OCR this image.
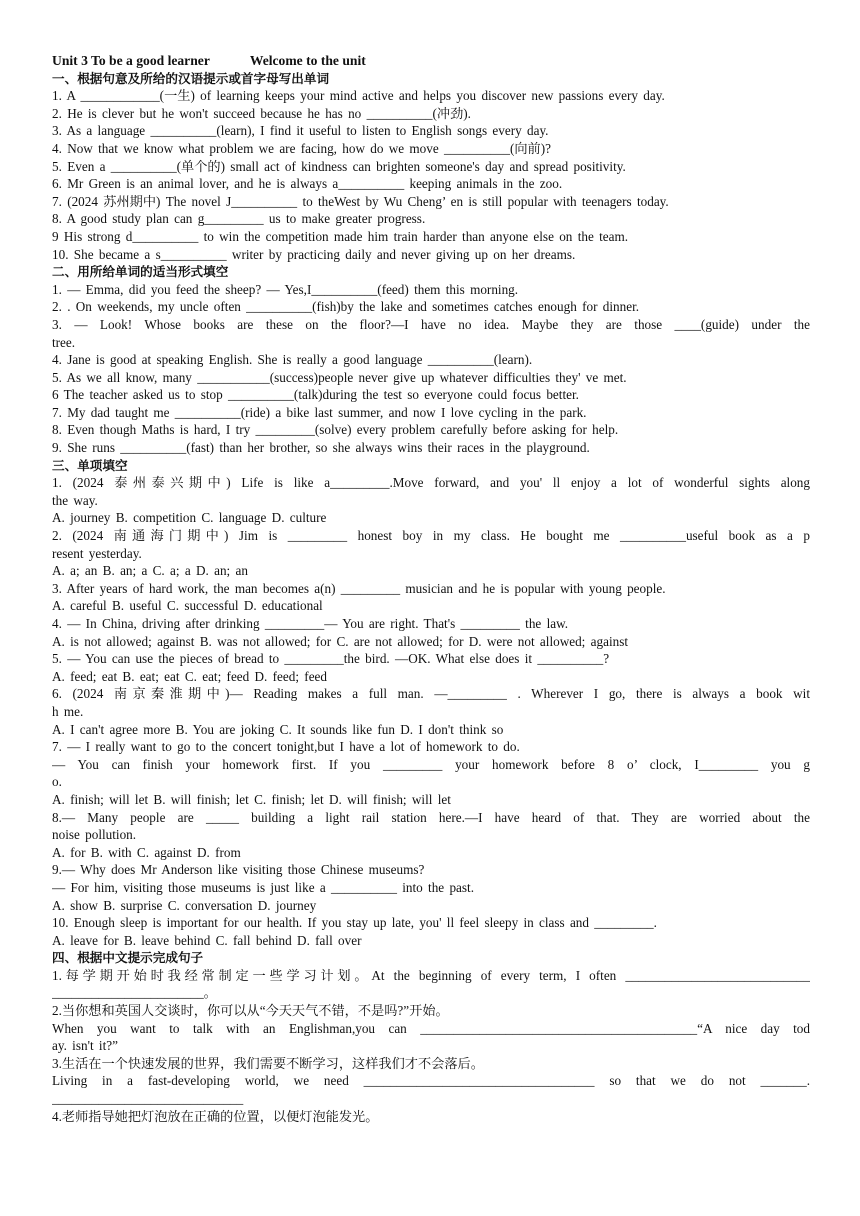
Unit 3 To be a good learner	Welcome to the unit
一、根据句意及所给的汉语提示或首字母写出单词
1. A ____________(一生) of learning keeps your mind active and helps you discover new passions every day.
2. He is clever but he won't succeed because he has no __________(冲劲).
3. As a language __________(learn), I find it useful to listen to English songs every day.
4. Now that we know what problem we are facing, how do we move __________(向前)?
5. Even a __________(单个的) small act of kindness can brighten someone's day and spread positivity.
6. Mr Green is an animal lover, and he is always a__________ keeping animals in the zoo.
7. (2024 苏州期中) The novel J__________ to theWest by Wu Cheng’ en is still popular with teenagers today.
8. A good study plan can g_________ us to make greater progress.
9 His strong d__________ to win the competition made him train harder than anyone else on the team.
10. She became a s__________ writer by practicing daily and never giving up on her dreams.
二、用所给单词的适当形式填空
1. — Emma, did you feed the sheep? — Yes,I__________(feed) them this morning.
2. . On weekends, my uncle often __________(fish)by the lake and sometimes catches enough for dinner.
3. — Look! Whose books are these on the floor?—I have no idea. Maybe they are those ____(guide) under the
tree.
4. Jane is good at speaking English. She is really a good language __________(learn).
5. As we all know, many ___________(success)people never give up whatever difficulties they' ve met.
6 The teacher asked us to stop __________(talk)during the test so everyone could focus better.
7. My dad taught me __________(ride) a bike last summer, and now I love cycling in the park.
8. Even though Maths is hard, I try _________(solve) every problem carefully before asking for help.
9. She runs __________(fast) than her brother, so she always wins their races in the playground.
三、单项填空
1. (2024 泰州泰兴期中) Life is like a_________.Move forward, and you' ll enjoy a lot of wonderful sights along
the way.
A. journey B. competition C. language D. culture
2. (2024 南通海门期中) Jim is _________ honest boy in my class. He bought me __________useful book as a p
resent yesterday.
A. a; an B. an; a C. a; a D. an; an
3. After years of hard work, the man becomes a(n) _________ musician and he is popular with young people.
A. careful B. useful C. successful D. educational
4. — In China, driving after drinking _________— You are right. That's _________ the law.
A. is not allowed; against B. was not allowed; for C. are not allowed; for D. were not allowed; against
5. — You can use the pieces of bread to _________the bird. —OK. What else does it __________?
A. feed; eat B. eat; eat C. eat; feed D. feed; feed
6. (2024 南京秦淮期中)— Reading makes a full man. —_________ . Wherever I go, there is always a book wit
h me.
A. I can't agree more B. You are joking C. It sounds like fun D. I don't think so
7. — I really want to go to the concert tonight,but I have a lot of homework to do.
— You can finish your homework first. If you _________ your homework before 8 o’ clock, I_________ you g
o.
A. finish; will let B. will finish; let C. finish; let D. will finish; will let
8.— Many people are _____ building a light rail station here.—I have heard of that. They are worried about the
noise pollution.
A. for B. with C. against D. from
9.— Why does Mr Anderson like visiting those Chinese museums?
— For him, visiting those museums is just like a __________ into the past.
A. show B. surprise C. conversation D. journey
10. Enough sleep is important for our health. If you stay up late, you' ll feel sleepy in class and _________.
A. leave for B. leave behind C. fall behind D. fall over
四、根据中文提示完成句子
1.每学期开始时我经常制定一些学习计划。At the beginning of every term, I often ____________________________
_______________________。
2.当你想和英国人交谈时，你可以从“今天天气不错，不是吗?”开始。
When you want to talk with an Englishman,you can __________________________________________“A nice day tod
ay. isn't it?”
3.生活在一个快速发展的世界，我们需要不断学习，这样我们才不会落后。
Living in a fast-developing world, we need ___________________________________ so that we do not _______.
_____________________________
4.老师指导她把灯泡放在正确的位置，以便灯泡能发光。
